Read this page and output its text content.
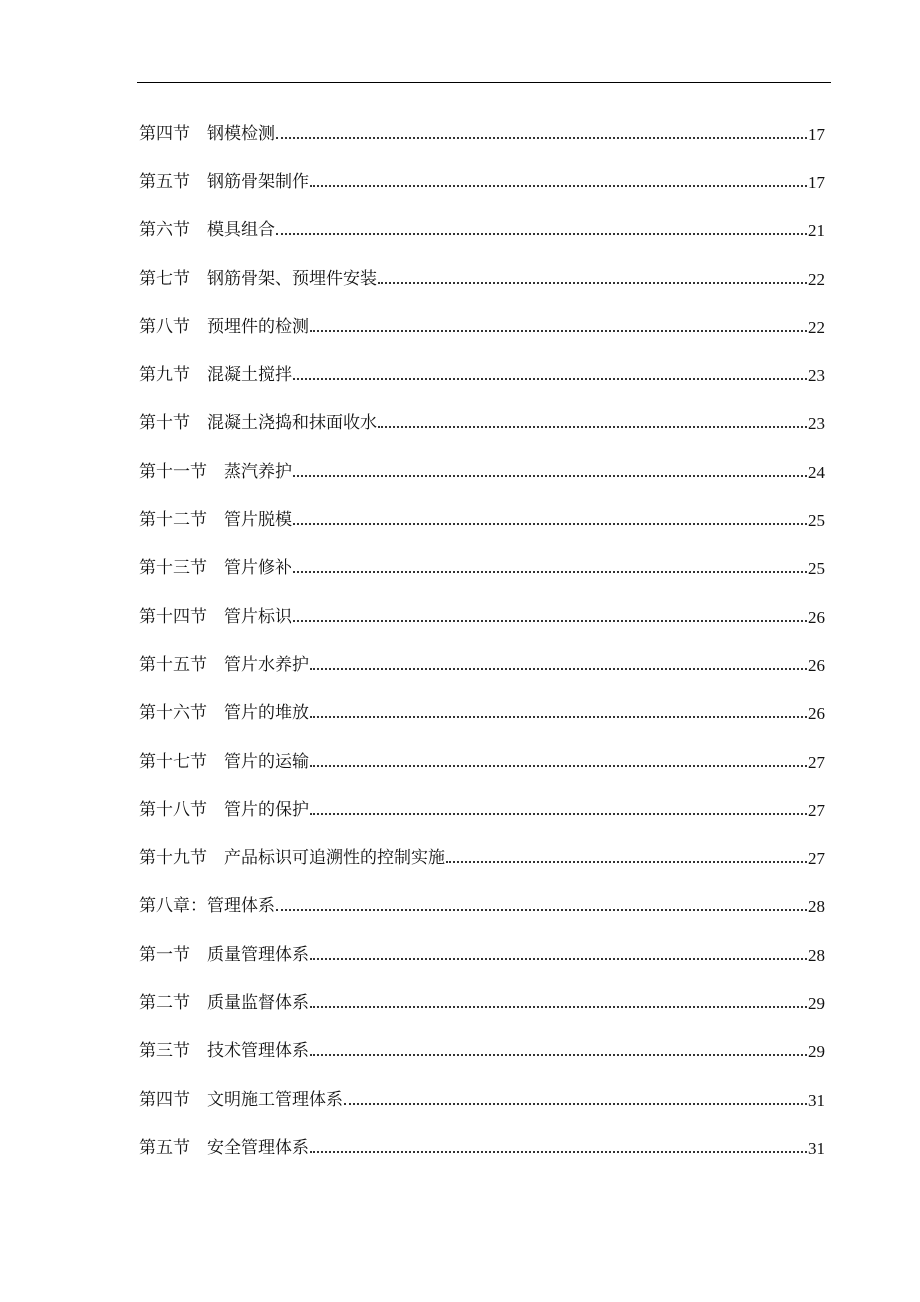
第四节　钢模检测	17
第五节　钢筋骨架制作	17
第六节　模具组合	21
第七节　钢筋骨架、预埋件安装	22
第八节　预埋件的检测	22
第九节　混凝土搅拌	23
第十节　混凝土浇捣和抹面收水	23
第十一节　蒸汽养护	24
第十二节　管片脱模	25
第十三节　管片修补	25
第十四节　管片标识	26
第十五节　管片水养护	26
第十六节　管片的堆放	26
第十七节　管片的运输	27
第十八节　管片的保护	27
第十九节　产品标识可追溯性的控制实施	27
第八章：管理体系	28
第一节　质量管理体系	28
第二节　质量监督体系	29
第三节　技术管理体系	29
第四节　文明施工管理体系	31
第五节　安全管理体系	31
